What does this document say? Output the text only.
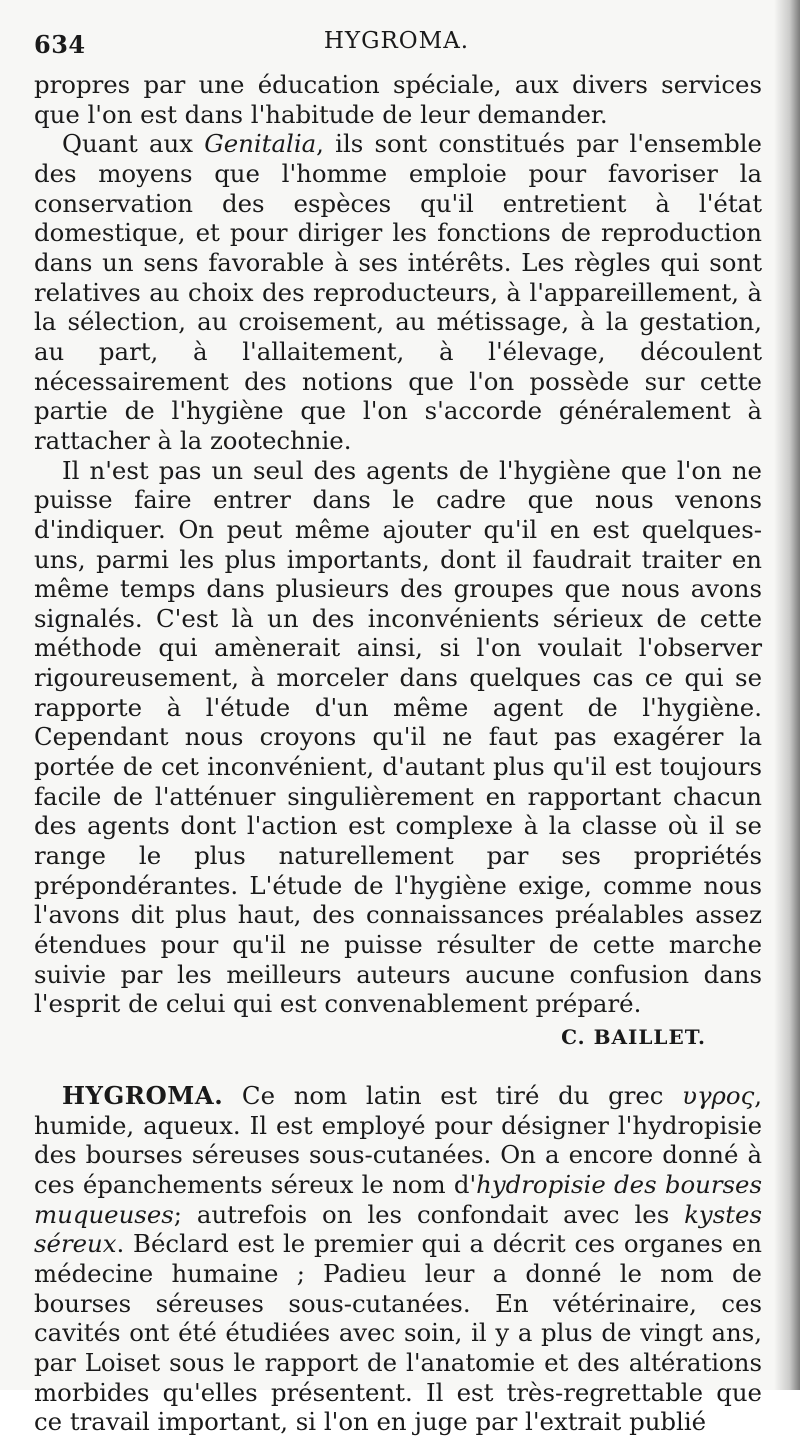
634	HYGROMA.

propres par une éducation spéciale, aux divers services que l'on est dans l'habitude de leur demander.

Quant aux Genitalia, ils sont constitués par l'ensemble des moyens que l'homme emploie pour favoriser la conservation des espèces qu'il entretient à l'état domestique, et pour diriger les fonctions de reproduction dans un sens favorable à ses intérêts. Les règles qui sont relatives au choix des reproducteurs, à l'appareillement, à la sélection, au croisement, au métissage, à la gestation, au part, à l'allaitement, à l'élevage, découlent nécessairement des notions que l'on possède sur cette partie de l'hygiène que l'on s'accorde généralement à rattacher à la zootechnie.

Il n'est pas un seul des agents de l'hygiène que l'on ne puisse faire entrer dans le cadre que nous venons d'indiquer. On peut même ajouter qu'il en est quelques-uns, parmi les plus importants, dont il faudrait traiter en même temps dans plusieurs des groupes que nous avons signalés. C'est là un des inconvénients sérieux de cette méthode qui amènerait ainsi, si l'on voulait l'observer rigoureusement, à morceler dans quelques cas ce qui se rapporte à l'étude d'un même agent de l'hygiène. Cependant nous croyons qu'il ne faut pas exagérer la portée de cet inconvénient, d'autant plus qu'il est toujours facile de l'atténuer singulièrement en rapportant chacun des agents dont l'action est complexe à la classe où il se range le plus naturellement par ses propriétés prépondérantes. L'étude de l'hygiène exige, comme nous l'avons dit plus haut, des connaissances préalables assez étendues pour qu'il ne puisse résulter de cette marche suivie par les meilleurs auteurs aucune confusion dans l'esprit de celui qui est convenablement préparé.

C. BAILLET.

HYGROMA. Ce nom latin est tiré du grec υγρος, humide, aqueux. Il est employé pour désigner l'hydropisie des bourses séreuses sous-cutanées. On a encore donné à ces épanchements séreux le nom d'hydropisie des bourses muqueuses; autrefois on les confondait avec les kystes séreux. Béclard est le premier qui a décrit ces organes en médecine humaine ; Padieu leur a donné le nom de bourses séreuses sous-cutanées. En vétérinaire, ces cavités ont été étudiées avec soin, il y a plus de vingt ans, par Loiset sous le rapport de l'anatomie et des altérations morbides qu'elles présentent. Il est très-regrettable que ce travail important, si l'on en juge par l'extrait publié
